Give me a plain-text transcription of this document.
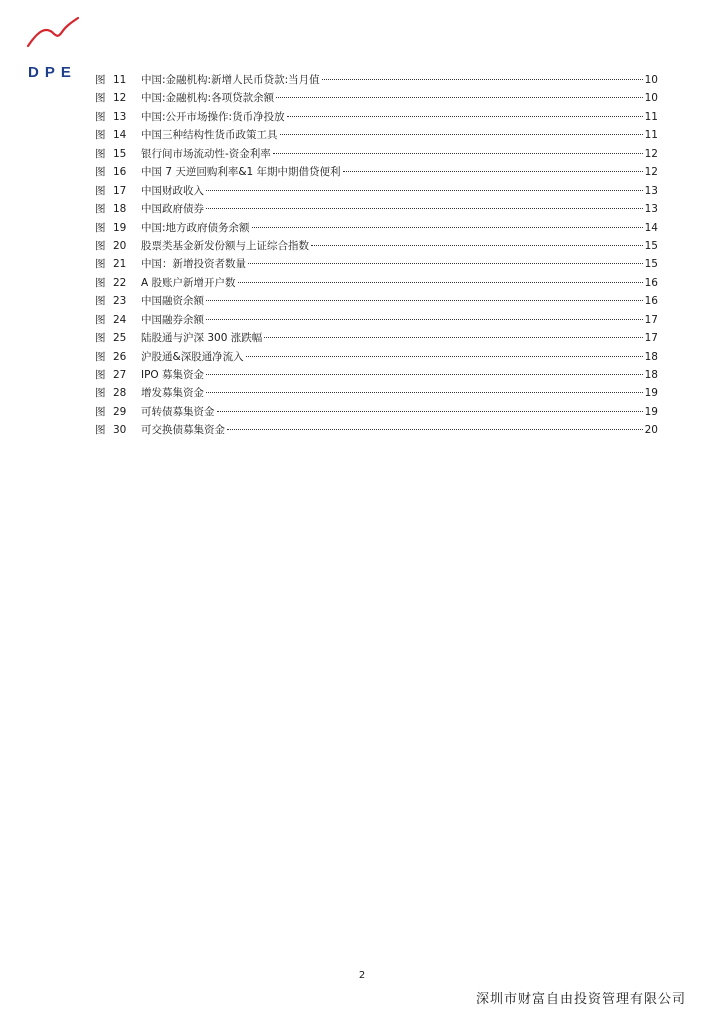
DPE 图 11	中国:金融机构:新增人民币贷款:当月值	10
图 12	中国:金融机构:各项贷款余额	10
图 13	中国:公开市场操作:货币净投放	11
图 14	中国三种结构性货币政策工具	11
图 15	银行间市场流动性-资金利率	12
图 16	中国 7 天逆回购利率&1 年期中期借贷便利	12
图 17	中国财政收入	13
图 18	中国政府债券	13
图 19	中国:地方政府债务余额	14
图 20	股票类基金新发份额与上证综合指数	15
图 21	中国：新增投资者数量	15
图 22	A 股账户新增开户数	16
图 23	中国融资余额	16
图 24	中国融券余额	17
图 25	陆股通与沪深 300 涨跌幅	17
图 26	沪股通&深股通净流入	18
图 27	IPO 募集资金	18
图 28	增发募集资金	19
图 29	可转债募集资金	19
图 30	可交换债募集资金	20
2
深圳市财富自由投资管理有限公司
